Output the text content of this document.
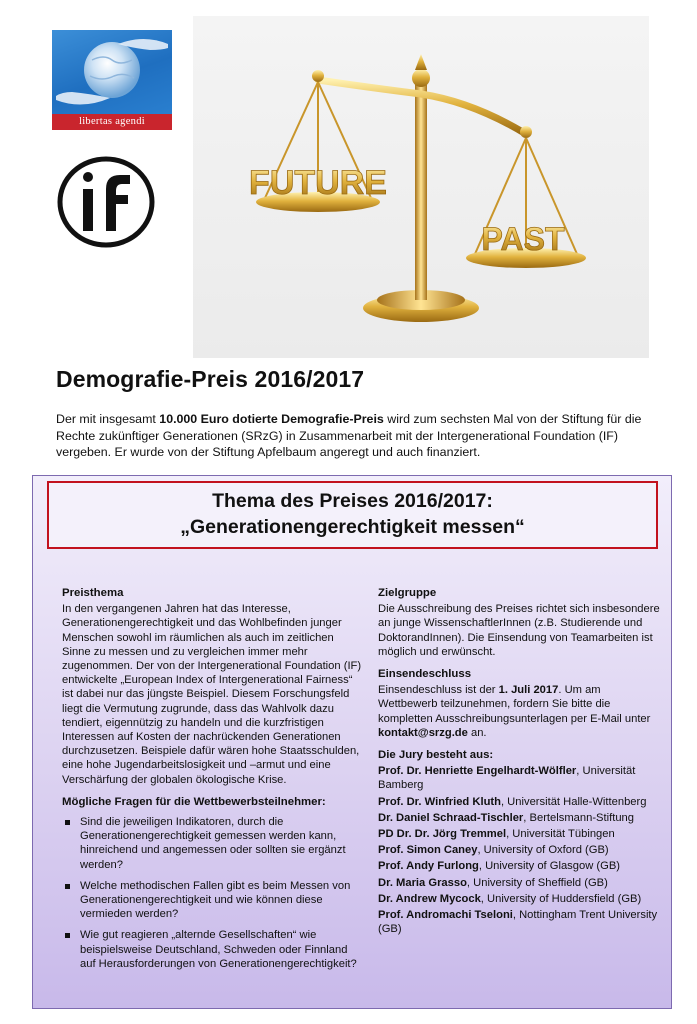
libertas agendi
FUTURE
PAST
Demografie-Preis 2016/2017

Der mit insgesamt 10.000 Euro dotierte Demografie-Preis wird zum sechsten Mal von der Stiftung für die Rechte zukünftiger Generationen (SRzG) in Zusammenarbeit mit der Intergenerational Foundation (IF) vergeben. Er wurde von der Stiftung Apfelbaum angeregt und auch finanziert.

Thema des Preises 2016/2017:
„Generationengerechtigkeit messen“
Preisthema
In den vergangenen Jahren hat das Interesse, Generationengerechtigkeit und das Wohlbefinden junger Menschen sowohl im räumlichen als auch im zeitlichen Sinne zu messen und zu vergleichen immer mehr zugenommen. Der von der Intergenerational Foundation (IF) entwickelte „European Index of Intergenerational Fairness“ ist dabei nur das jüngste Beispiel. Diesem Forschungsfeld liegt die Vermutung zugrunde, dass das Wahlvolk dazu tendiert, eigennützig zu handeln und die kurzfristigen Interessen auf Kosten der nachrückenden Generationen durchzusetzen. Beispiele dafür wären hohe Staatsschulden, eine hohe Jugendarbeitslosigkeit und –armut und eine Verschärfung der globalen ökologische Krise.
Mögliche Fragen für die Wettbewerbsteilnehmer:
Sind die jeweiligen Indikatoren, durch die Generationengerechtigkeit gemessen werden kann, hinreichend und angemessen oder sollten sie ergänzt werden?
Welche methodischen Fallen gibt es beim Messen von Generationengerechtigkeit und wie können diese vermieden werden?
Wie gut reagieren „alternde Gesellschaften“ wie beispielsweise Deutschland, Schweden oder Finnland auf Herausforderungen von Generationengerechtigkeit?
Zielgruppe
Die Ausschreibung des Preises richtet sich insbesondere an junge WissenschaftlerInnen (z.B. Studierende und DoktorandInnen). Die Einsendung von Teamarbeiten ist möglich und erwünscht.
Einsendeschluss
Einsendeschluss ist der 1. Juli 2017. Um am Wettbewerb teilzunehmen, fordern Sie bitte die kompletten Ausschreibungsunterlagen per E-Mail unter kontakt@srzg.de an.
Die Jury besteht aus:
Prof. Dr. Henriette Engelhardt-Wölfler, Universität Bamberg
Prof. Dr. Winfried Kluth, Universität Halle-Wittenberg
Dr. Daniel Schraad-Tischler, Bertelsmann-Stiftung
PD Dr. Dr. Jörg Tremmel, Universität Tübingen
Prof. Simon Caney, University of Oxford (GB)
Prof. Andy Furlong, University of Glasgow (GB)
Dr. Maria Grasso, University of Sheffield (GB)
Dr. Andrew Mycock, University of Huddersfield (GB)
Prof. Andromachi Tseloni, Nottingham Trent University (GB)
